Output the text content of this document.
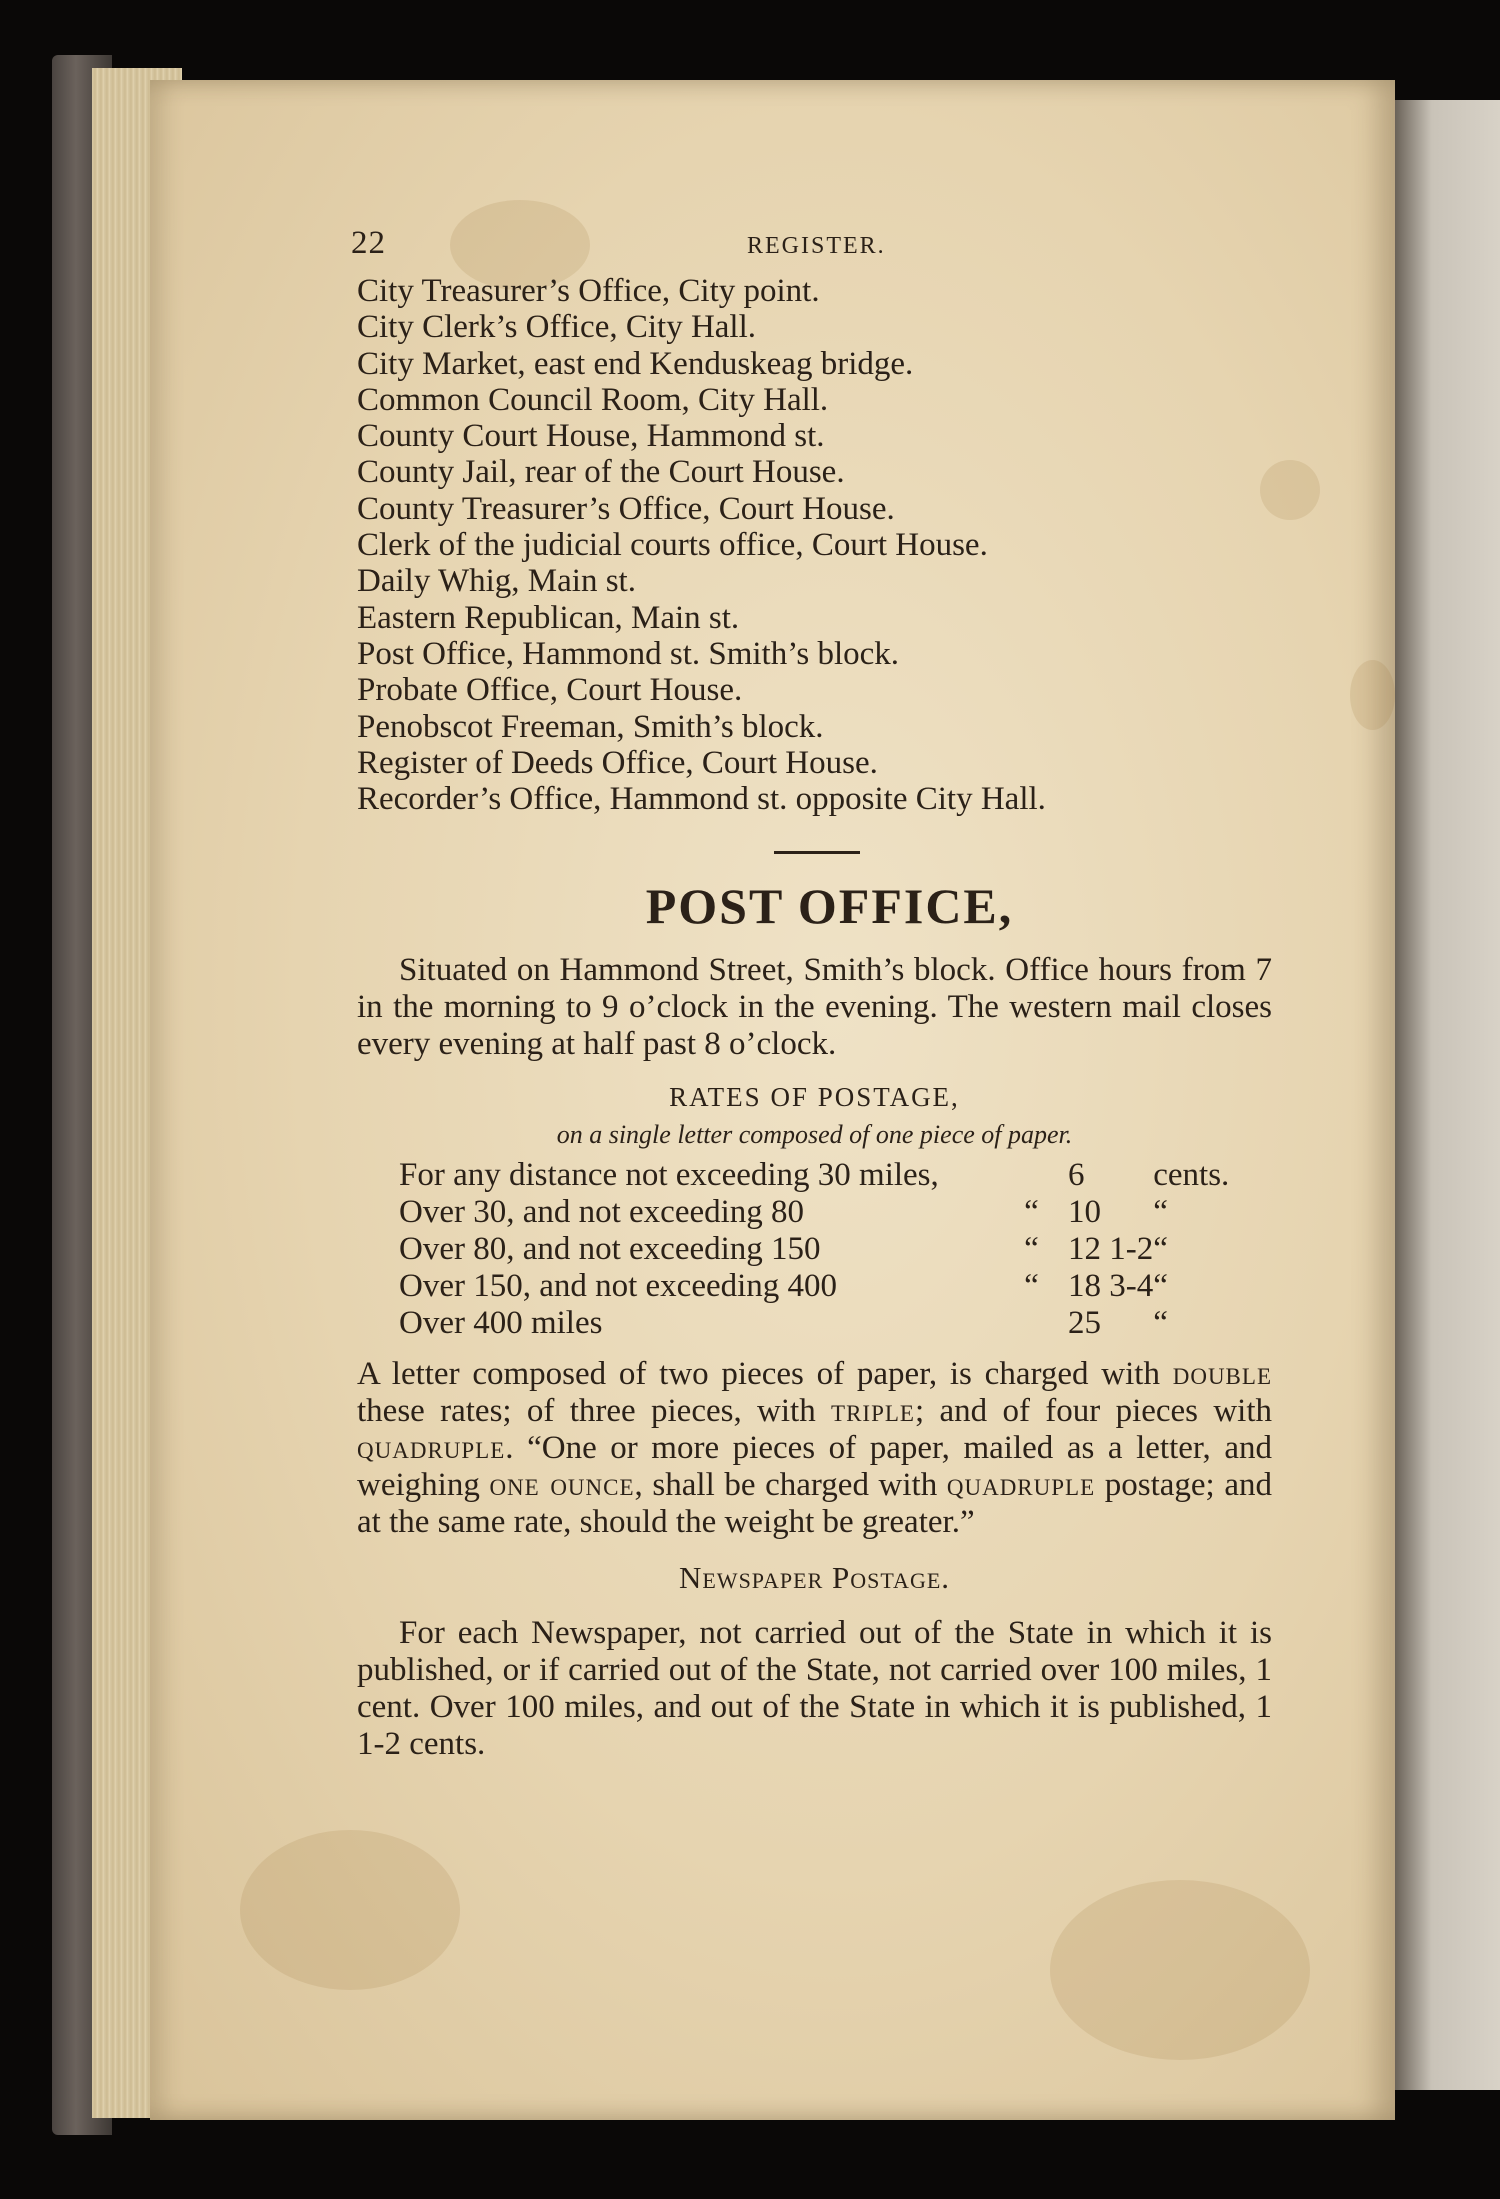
22	REGISTER.
City Treasurer’s Office, City point.
City Clerk’s Office, City Hall.
City Market, east end Kenduskeag bridge.
Common Council Room, City Hall.
County Court House, Hammond st.
County Jail, rear of the Court House.
County Treasurer’s Office, Court House.
Clerk of the judicial courts office, Court House.
Daily Whig, Main st.
Eastern Republican, Main st.
Post Office, Hammond st. Smith’s block.
Probate Office, Court House.
Penobscot Freeman, Smith’s block.
Register of Deeds Office, Court House.
Recorder’s Office, Hammond st. opposite City Hall.
POST OFFICE,

Situated on Hammond Street, Smith’s block. Office hours from 7 in the morning to 9 o’clock in the evening. The western mail closes every evening at half past 8 o’clock.

RATES OF POSTAGE,
on a single letter composed of one piece of paper.
For any distance not exceeding 30 miles,		6	cents.
Over 30, and not exceeding 80	“	10	“
Over 80, and not exceeding 150	“	12 1-2	“
Over 150, and not exceeding 400	“	18 3-4	“
Over 400 miles		25	“

A letter composed of two pieces of paper, is charged with double these rates; of three pieces, with triple; and of four pieces with quadruple. “One or more pieces of paper, mailed as a letter, and weighing one ounce, shall be charged with quadruple postage; and at the same rate, should the weight be greater.”

Newspaper Postage.

For each Newspaper, not carried out of the State in which it is published, or if carried out of the State, not carried over 100 miles, 1 cent. Over 100 miles, and out of the State in which it is published, 1 1-2 cents.
